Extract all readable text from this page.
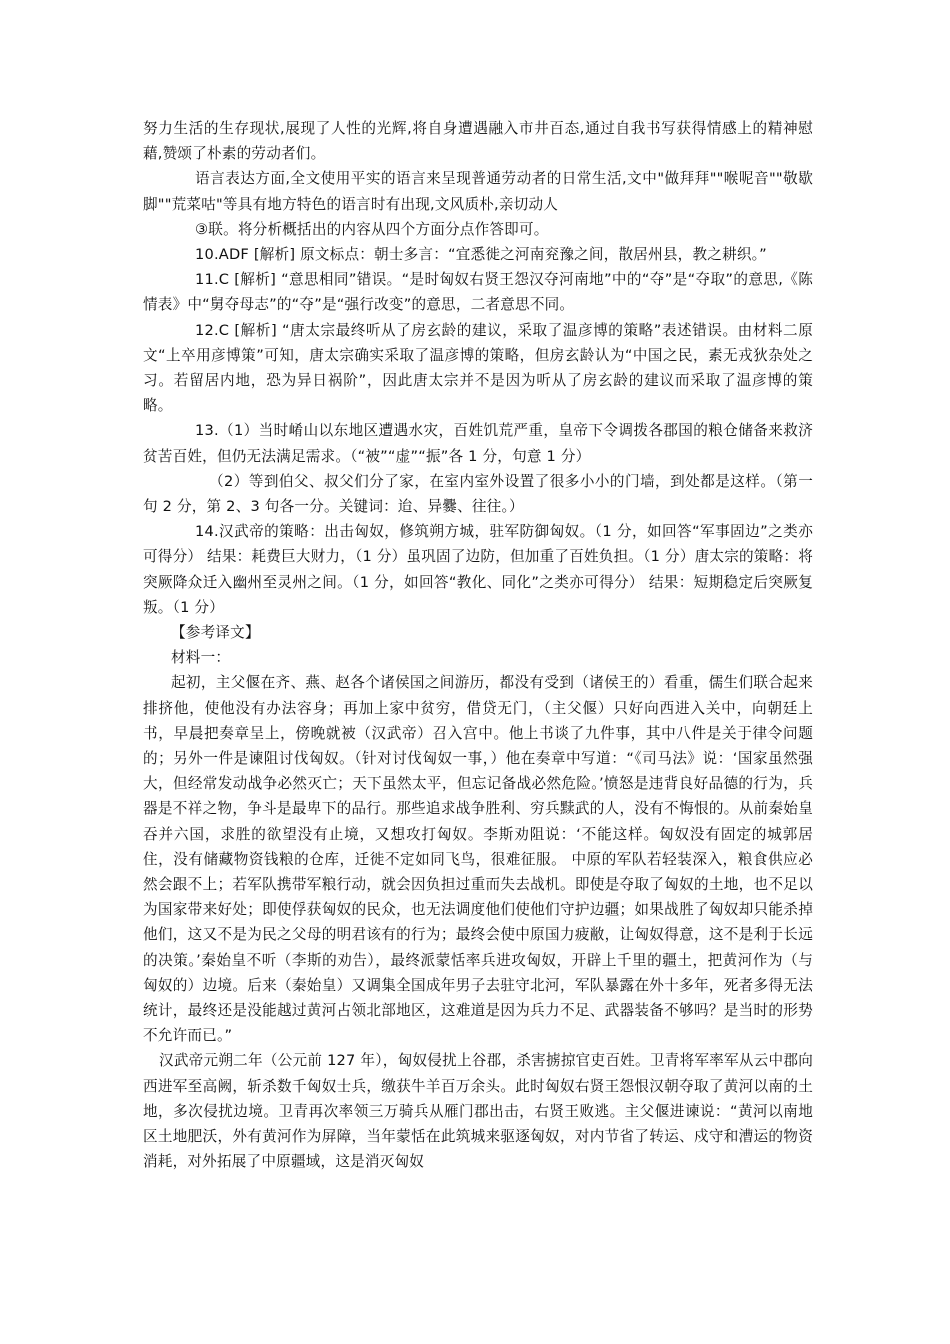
努力生活的生存现状,展现了人性的光辉,将自身遭遇融入市井百态,通过自我书写获得情感上的精神慰藉,赞颂了朴素的劳动者们。

语言表达方面,全文使用平实的语言来呈现普通劳动者的日常生活,文中"做拜拜""喉呢音""敬歇脚""荒菜咕"等具有地方特色的语言时有出现,文风质朴,亲切动人

③联。将分析概括出的内容从四个方面分点作答即可。

10.ADF [解析] 原文标点：朝士多言：“宜悉徙之河南兖豫之间，散居州县，教之耕织。”

11.C [解析] “意思相同”错误。“是时匈奴右贤王怨汉夺河南地”中的“夺”是“夺取”的意思,《陈情表》中“舅夺母志”的“夺”是“强行改变”的意思，二者意思不同。

12.C [解析] “唐太宗最终听从了房玄龄的建议，采取了温彦博的策略”表述错误。由材料二原文“上卒用彦博策”可知，唐太宗确实采取了温彦博的策略，但房玄龄认为“中国之民，素无戎狄杂处之习。若留居内地，恐为异日祸阶”，因此唐太宗并不是因为听从了房玄龄的建议而采取了温彦博的策略。

13.（1）当时崤山以东地区遭遇水灾，百姓饥荒严重，皇帝下令调拨各郡国的粮仓储备来救济贫苦百姓，但仍无法满足需求。（“被”“虚”“振”各 1 分，句意 1 分）

（2）等到伯父、叔父们分了家，在室内室外设置了很多小小的门墙，到处都是这样。（第一句 2 分，第 2、3 句各一分。关键词：迨、异爨、往往。）

14.汉武帝的策略：出击匈奴，修筑朔方城，驻军防御匈奴。（1 分，如回答“军事固边”之类亦可得分） 结果：耗费巨大财力，（1 分）虽巩固了边防，但加重了百姓负担。（1 分）唐太宗的策略：将突厥降众迁入幽州至灵州之间。（1 分，如回答“教化、同化”之类亦可得分） 结果：短期稳定后突厥复叛。（1 分）

【参考译文】

材料一：

起初，主父偃在齐、燕、赵各个诸侯国之间游历，都没有受到（诸侯王的）看重，儒生们联合起来排挤他，使他没有办法容身；再加上家中贫穷，借贷无门，（主父偃）只好向西进入关中，向朝廷上书，早晨把奏章呈上，傍晚就被（汉武帝）召入宫中。他上书谈了九件事，其中八件是关于律令问题的；另外一件是谏阻讨伐匈奴。（针对讨伐匈奴一事，）他在奏章中写道：“《司马法》说：‘国家虽然强大，但经常发动战争必然灭亡；天下虽然太平，但忘记备战必然危险。’愤怒是违背良好品德的行为，兵器是不祥之物，争斗是最卑下的品行。那些追求战争胜利、穷兵黩武的人，没有不悔恨的。从前秦始皇吞并六国，求胜的欲望没有止境，又想攻打匈奴。李斯劝阻说：‘不能这样。匈奴没有固定的城郭居住，没有储藏物资钱粮的仓库，迁徙不定如同飞鸟，很难征服。 中原的军队若轻装深入，粮食供应必然会跟不上；若军队携带军粮行动，就会因负担过重而失去战机。即使是夺取了匈奴的土地，也不足以为国家带来好处；即使俘获匈奴的民众，也无法调度他们使他们守护边疆；如果战胜了匈奴却只能杀掉他们，这又不是为民之父母的明君该有的行为；最终会使中原国力疲敝，让匈奴得意，这不是利于长远的决策。’秦始皇不听（李斯的劝告），最终派蒙恬率兵进攻匈奴，开辟上千里的疆土，把黄河作为（与匈奴的）边境。后来（秦始皇）又调集全国成年男子去驻守北河，军队暴露在外十多年，死者多得无法统计，最终还是没能越过黄河占领北部地区，这难道是因为兵力不足、武器装备不够吗？是当时的形势不允许而已。”

汉武帝元朔二年（公元前 127 年），匈奴侵扰上谷郡，杀害掳掠官吏百姓。卫青将军率军从云中郡向西进军至高阙，斩杀数千匈奴士兵，缴获牛羊百万余头。此时匈奴右贤王怨恨汉朝夺取了黄河以南的土地，多次侵扰边境。卫青再次率领三万骑兵从雁门郡出击，右贤王败逃。主父偃进谏说：“黄河以南地区土地肥沃，外有黄河作为屏障，当年蒙恬在此筑城来驱逐匈奴，对内节省了转运、戍守和漕运的物资消耗，对外拓展了中原疆域，这是消灭匈奴
